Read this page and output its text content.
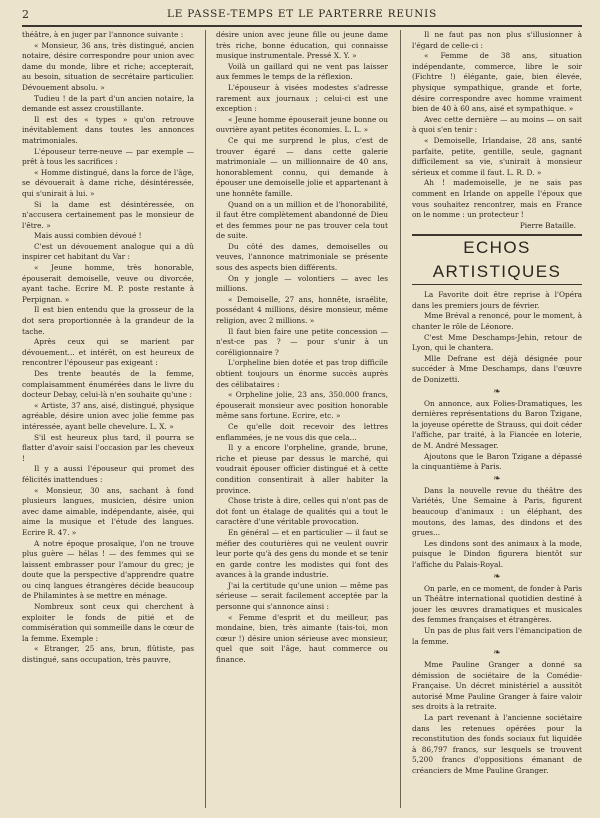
2	LE PASSE-TEMPS ET LE PARTERRE REUNIS

théâtre, à en juger par l'annonce suivante :

« Monsieur, 36 ans, très distingué, ancien notaire, désire correspondre pour union avec dame du monde, libre et riche; accepterait, au besoin, situation de secrétaire particulier. Dévouement absolu. »

Tudieu ! de la part d'un ancien notaire, la demande est assez croustillante.

Il est des « types » qu'on retrouve inévitablement dans toutes les annonces matrimoniales.

L'épouseur terre-neuve — par exemple — prêt à tous les sacrifices :

« Homme distingué, dans la force de l'âge, se dévouerait à dame riche, désintéressée, qui s'unirait à lui. »

Si la dame est désintéressée, on n'accusera certainement pas le monsieur de l'être. »

Mais aussi combien dévoué !

C'est un dévouement analogue qui a dû inspirer cet habitant du Var :

« Jeune homme, très honorable, épouserait demoiselle, veuve ou divorcée, ayant tache. Ecrire M. P. poste restante à Perpignan. »

Il est bien entendu que la grosseur de la dot sera proportionnée à la grandeur de la tache.

Après ceux qui se marient par dévouement... et intérêt, on est heureux de rencontrer l'épouseur pas exigeant :

Des trente beautés de la femme, complaisamment énumérées dans le livre du docteur Debay, celui-là n'en souhaite qu'une :

« Artiste, 37 ans, aisé, distingué, physique agréable, désire union avec jolie femme pas intéressée, ayant belle chevelure. L. X. »

S'il est heureux plus tard, il pourra se flatter d'avoir saisi l'occasion par les cheveux !

Il y a aussi l'épouseur qui promet des félicités inattendues :

« Monsieur, 30 ans, sachant à fond plusieurs langues, musicien, désire union avec dame aimable, indépendante, aisée, qui aime la musique et l'étude des langues. Ecrire R. 47. »

A notre époque prosaïque, l'on ne trouve plus guère — hélas ! — des femmes qui se laissent embrasser pour l'amour du grec; je doute que la perspective d'apprendre quatre ou cinq langues étrangères décide beaucoup de Philamintes à se mettre en ménage.

Nombreux sont ceux qui cherchent à exploiter le fonds de pitié et de commisération qui sommeille dans le cœur de la femme. Exemple :

« Etranger, 25 ans, brun, flûtiste, pas distingué, sans occupation, très pauvre,

désire union avec jeune fille ou jeune dame très riche, bonne éducation, qui connaisse musique instrumentale. Pressé X. Y. »

Voilà un gaillard qui ne vent pas laisser aux femmes le temps de la réflexion.

L'épouseur à visées modestes s'adresse rarement aux journaux ; celui-ci est une exception :

« Jeune homme épouserait jeune bonne ou ouvrière ayant petites économies. L. L. »

Ce qui me surprend le plus, c'est de trouver égaré — dans cette galerie matrimoniale — un millionnaire de 40 ans, honorablement connu, qui demande à épouser une demoiselle jolie et appartenant à une honnête famille.

Quand on a un million et de l'honorabilité, il faut être complètement abandonné de Dieu et des femmes pour ne pas trouver cela tout de suite.

Du côté des dames, demoiselles ou veuves, l'annonce matrimoniale se présente sous des aspects bien différents.

On y jongle — volontiers — avec les millions.

« Demoiselle, 27 ans, honnête, israélite, possédant 4 millions, désire monsieur, même religion, avec 2 millions. »

Il faut bien faire une petite concession — n'est-ce pas ? — pour s'unir à un coréligionnaire ?

L'orpheline bien dotée et pas trop difficile obtient toujours un énorme succès auprès des célibataires :

« Orpheline jolie, 23 ans, 350.000 francs, épouserait monsieur avec position honorable même sans fortune. Ecrire, etc. »

Ce qu'elle doit recevoir des lettres enflammées, je ne vous dis que cela...

Il y a encore l'orpheline, grande, brune, riche et pieuse par dessus le marché, qui voudrait épouser officier distingué et à cette condition consentirait à aller habiter la province.

Chose triste à dire, celles qui n'ont pas de dot font un étalage de qualités qui a tout le caractère d'une véritable provocation.

En général — et en particulier — il faut se méfier des couturières qui ne veulent ouvrir leur porte qu'à des gens du monde et se tenir en garde contre les modistes qui font des avances à la grande industrie.

J'ai la certitude qu'une union — même pas sérieuse — serait facilement acceptée par la personne qui s'annonce ainsi :

« Femme d'esprit et du meilleur, pas mondaine, bien, très aimante (tais-toi, mon cœur !) désire union sérieuse avec monsieur, quel que soit l'âge, haut commerce ou finance.

Il ne faut pas non plus s'illusionner à l'égard de celle-ci :

« Femme de 38 ans, situation indépendante, commerce, libre le soir (Fichtre !) élégante, gaie, bien élevée, physique sympathique, grande et forte, désire correspondre avec homme vraiment bien de 40 à 60 ans, aisé et sympathique. »

Avec cette dernière — au moins — on sait à quoi s'en tenir :

« Demoiselle, Irlandaise, 28 ans, santé parfaite, petite, gentille, seule, gagnant difficilement sa vie, s'unirait à monsieur sérieux et comme il faut. L. R. D. »

Ah ! mademoiselle, je ne sais pas comment en Irlande on appelle l'époux que vous souhaitez rencontrer, mais en France on le nomme : un protecteur !

Pierre Bataille.

ECHOS ARTISTIQUES

La Favorite doit être reprise à l'Opéra dans les premiers jours de février.

Mme Bréval a renoncé, pour le moment, à chanter le rôle de Léonore.

C'est Mme Deschamps-Jehin, retour de Lyon, qui le chantera.

Mlle Defrane est déjà désignée pour succéder à Mme Deschamps, dans l'œuvre de Donizetti.

❧

On annonce, aux Folies-Dramatiques, les dernières représentations du Baron Tzigane, la joyeuse opérette de Strauss, qui doit céder l'affiche, par traité, à la Fiancée en loterie, de M. André Messager.

Ajoutons que le Baron Tzigane a dépassé la cinquantième à Paris.

❧

Dans la nouvelle revue du théâtre des Variétés, Une Semaine à Paris, figurent beaucoup d'animaux : un éléphant, des moutons, des lamas, des dindons et des grues...

Les dindons sont des animaux à la mode, puisque le Dindon figurera bientôt sur l'affiche du Palais-Royal.

❧

On parle, en ce moment, de fonder à Paris un Théâtre international quotidien destiné à jouer les œuvres dramatiques et musicales des femmes françaises et étrangères.

Un pas de plus fait vers l'émancipation de la femme.

❧

Mme Pauline Granger a donné sa démission de sociétaire de la Comédie-Française. Un décret ministériel a aussitôt autorisé Mme Pauline Granger à faire valoir ses droits à la retraite.

La part revenant à l'ancienne sociétaire dans les retenues opérées pour la reconstitution des fonds sociaux fut liquidée à 86,797 francs, sur lesquels se trouvent 5,200 francs d'oppositions émanant de créanciers de Mme Pauline Granger.
